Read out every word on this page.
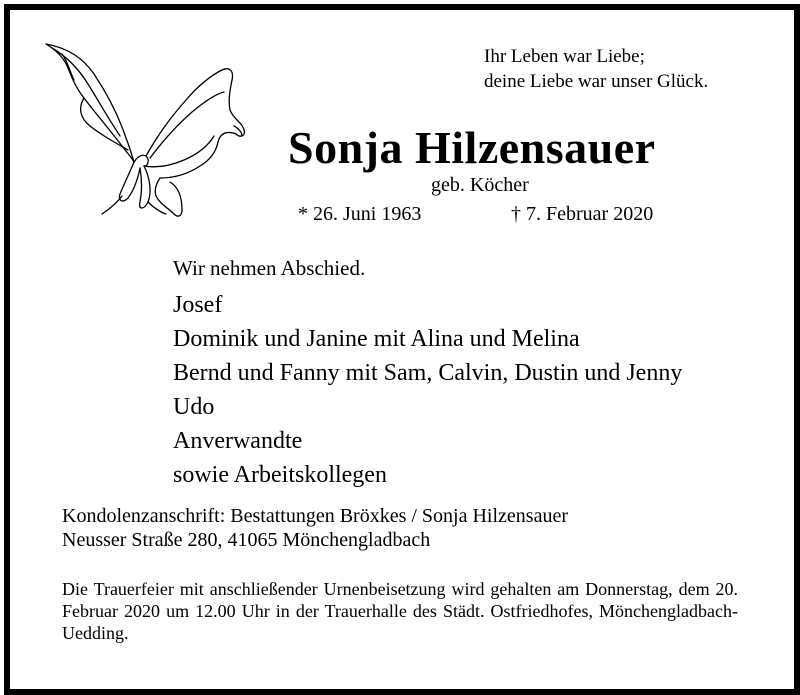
Ihr Leben war Liebe;
deine Liebe war unser Glück.
Sonja Hilzensauer
geb. Köcher
* 26. Juni 1963	† 7. Februar 2020
Wir nehmen Abschied.
Josef
Dominik und Janine mit Alina und Melina
Bernd und Fanny mit Sam, Calvin, Dustin und Jenny
Udo
Anverwandte
sowie Arbeitskollegen
Kondolenzanschrift: Bestattungen Bröxkes / Sonja Hilzensauer
Neusser Straße 280, 41065 Mönchengladbach
Die Trauerfeier mit anschließender Urnenbeisetzung wird gehalten am Donnerstag, dem 20. Februar 2020 um 12.00 Uhr in der Trauerhalle des Städt. Ostfriedhofes, Mönchengladbach-Uedding.
